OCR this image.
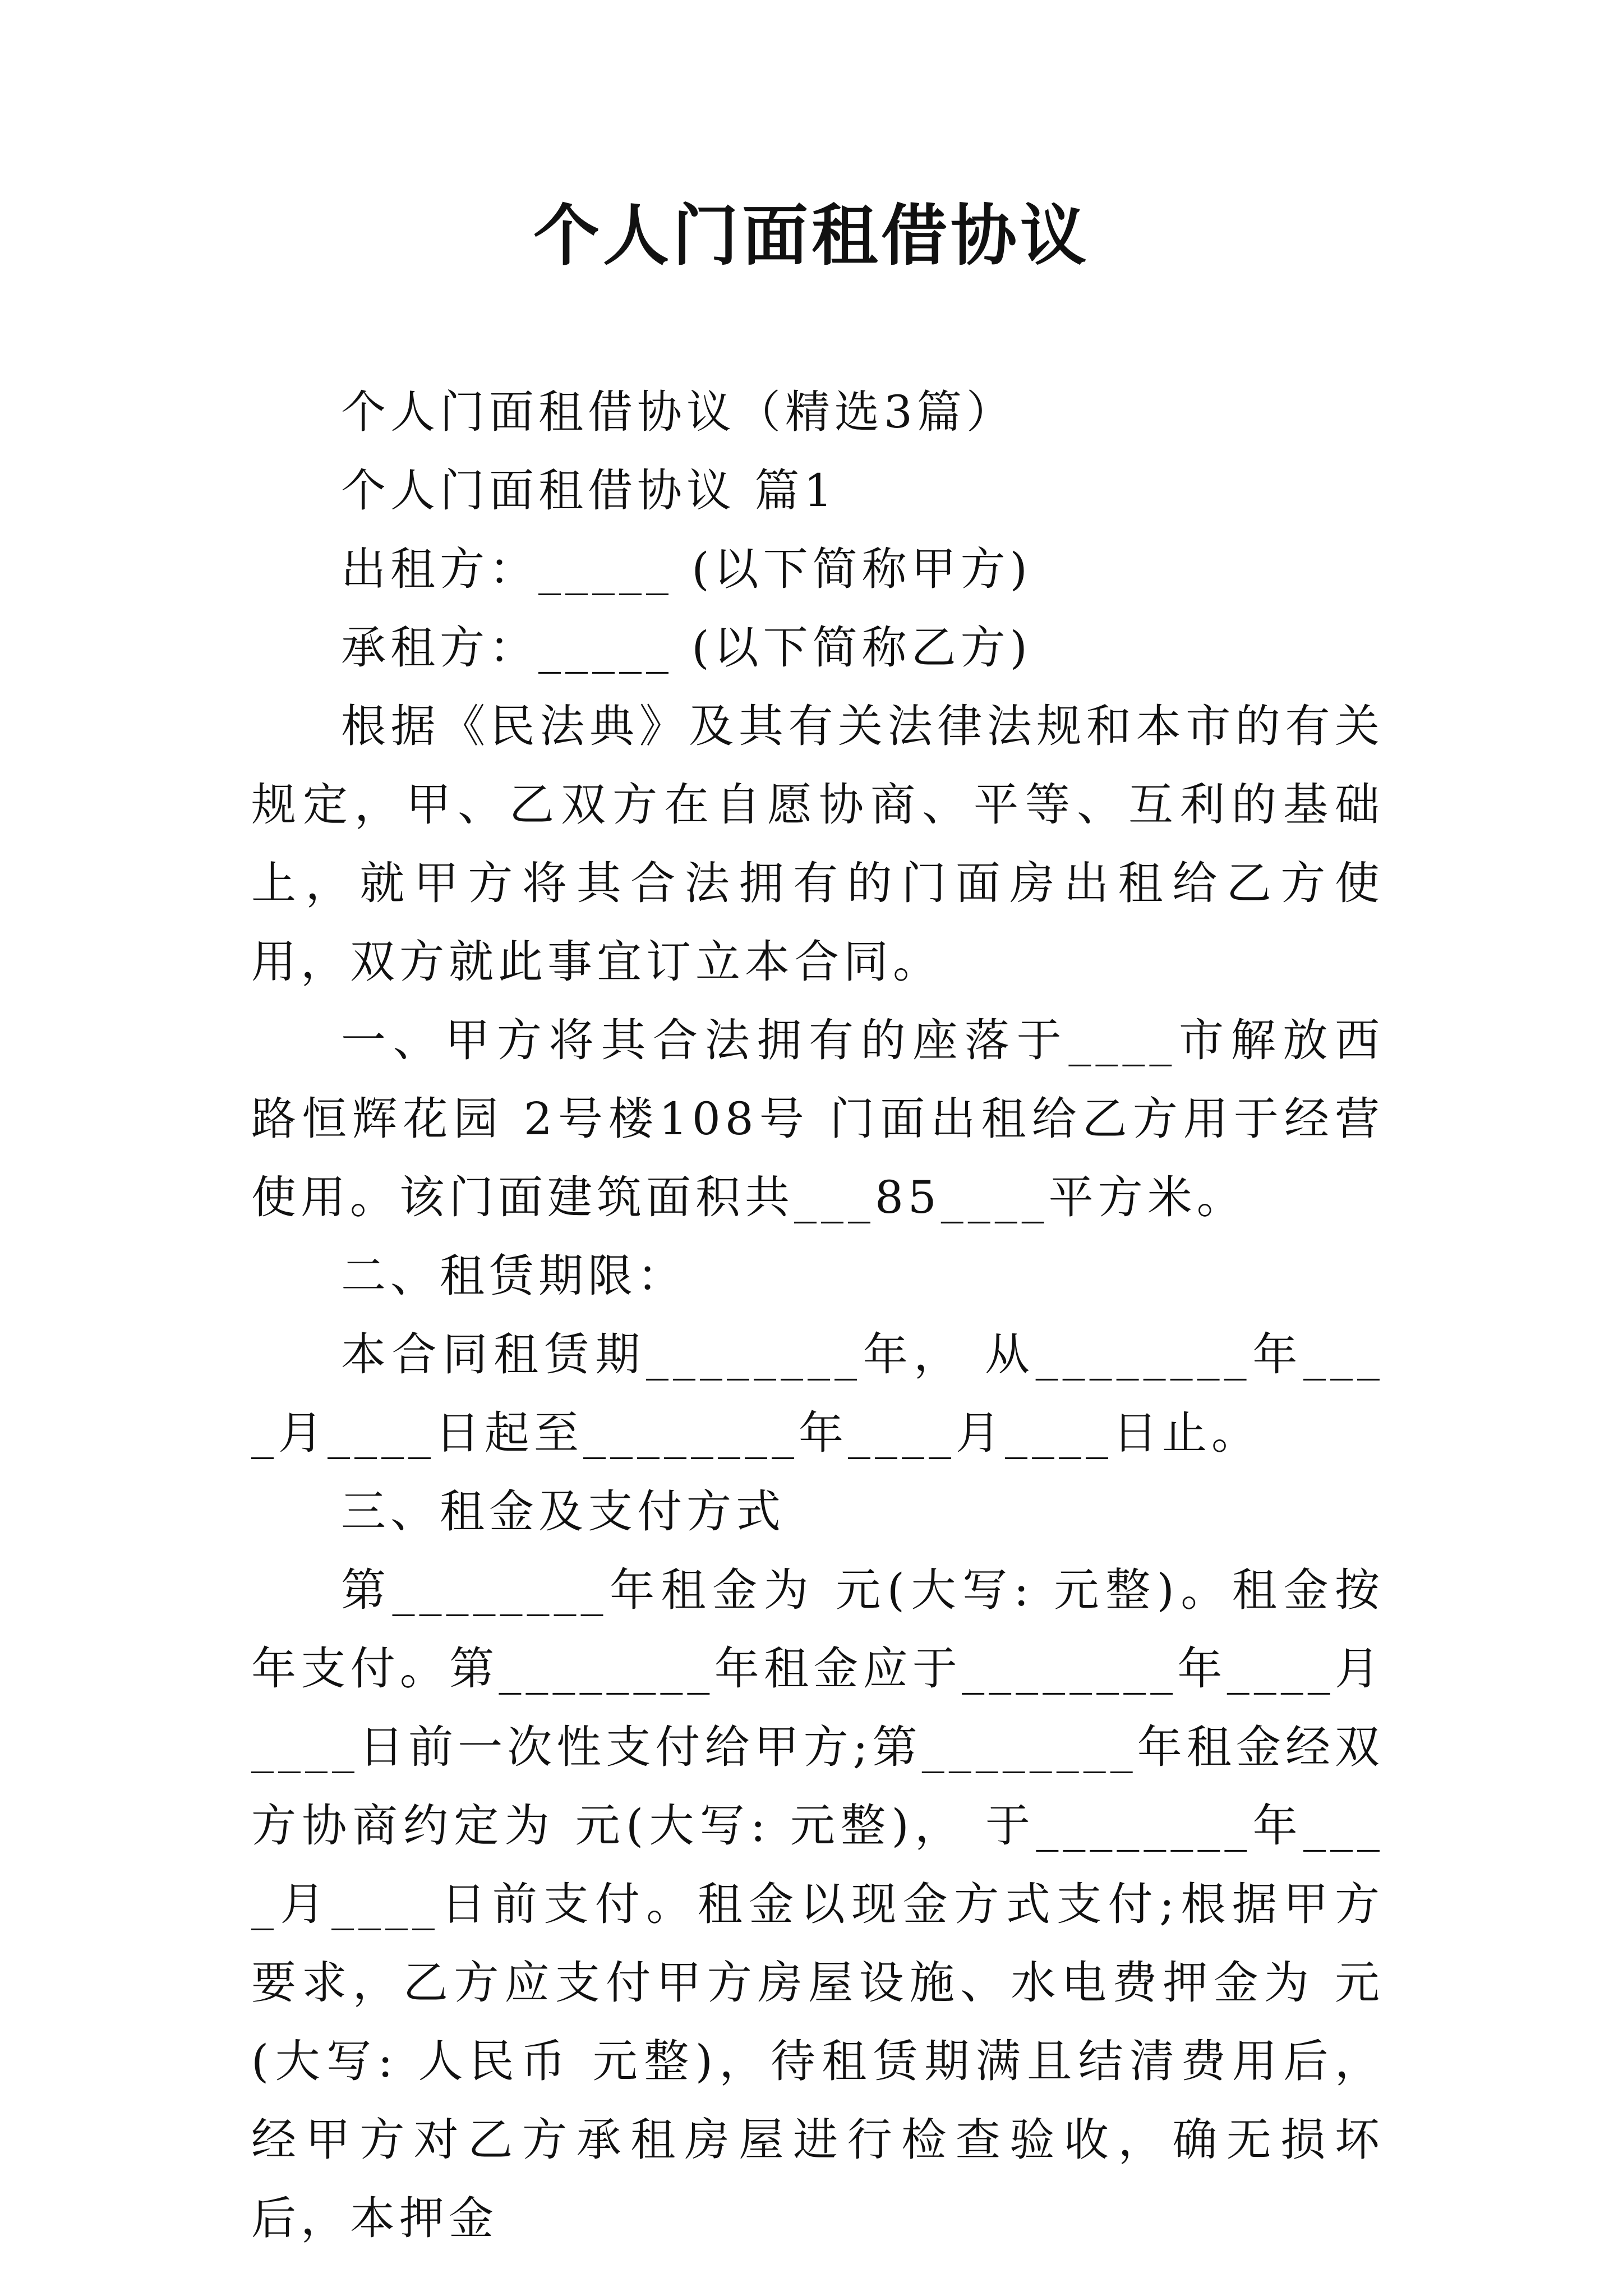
个人门面租借协议

个人门面租借协议（精选3篇）

个人门面租借协议 篇1

出租方：_____ (以下简称甲方)

承租方：_____ (以下简称乙方)

根据《民法典》及其有关法律法规和本市的有关规定，甲、乙双方在自愿协商、平等、互利的基础上，就甲方将其合法拥有的门面房出租给乙方使用，双方就此事宜订立本合同。

一、甲方将其合法拥有的座落于____市解放西路恒辉花园 2号楼108号 门面出租给乙方用于经营使用。该门面建筑面积共___85____平方米。

二、租赁期限：

本合同租赁期________年， 从________年____月____日起至________年____月____日止。

三、租金及支付方式

第________年租金为 元(大写: 元整)。租金按年支付。第________年租金应于________年____月____日前一次性支付给甲方;第________年租金经双方协商约定为 元(大写: 元整)， 于________年____月____日前支付。租金以现金方式支付;根据甲方要求，乙方应支付甲方房屋设施、水电费押金为 元(大写: 人民币 元整)，待租赁期满且结清费用后，经甲方对乙方承租房屋进行检查验收，确无损坏后，本押金
